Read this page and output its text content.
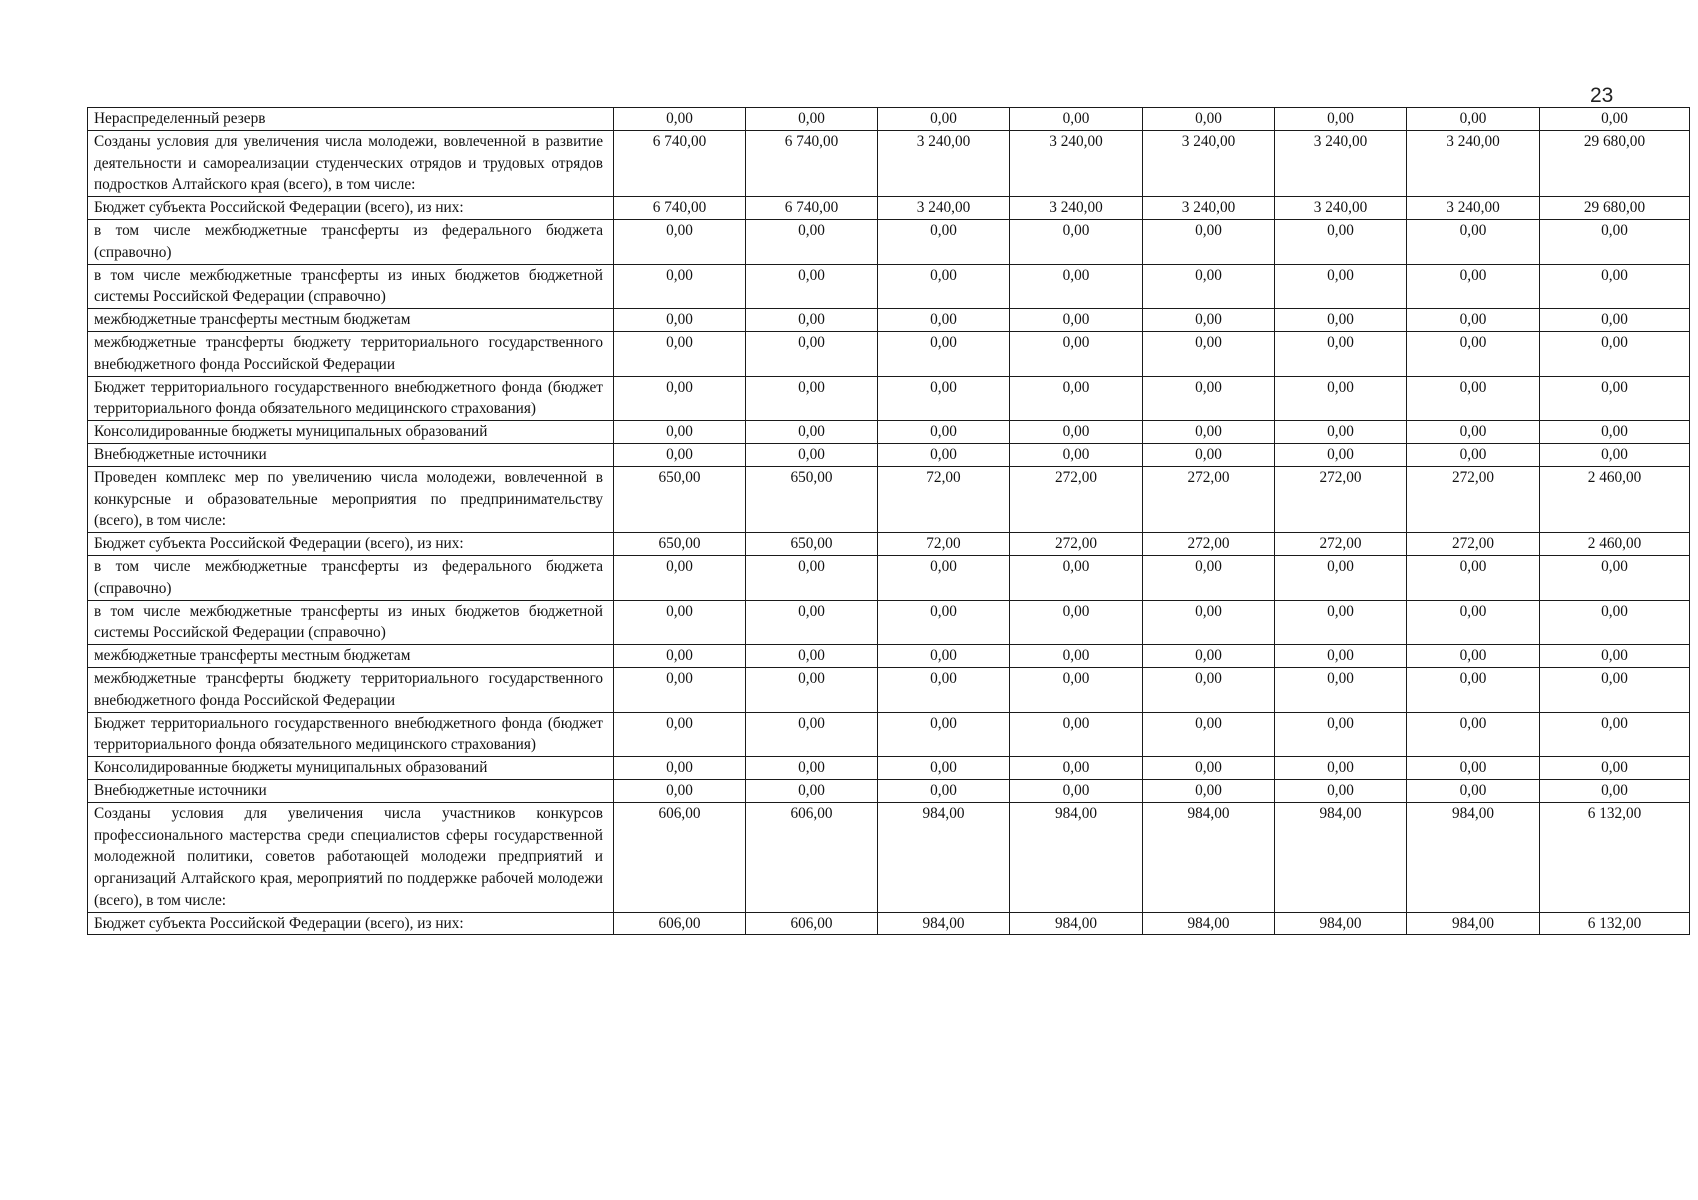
23
Нераспределенный резерв	0,00	0,00	0,00	0,00	0,00	0,00	0,00	0,00
Созданы условия для увеличения числа молодежи, вовлеченной в развитие деятельности и самореализации студенческих отрядов и трудовых отрядов подростков Алтайского края (всего), в том числе:	6 740,00	6 740,00	3 240,00	3 240,00	3 240,00	3 240,00	3 240,00	29 680,00
Бюджет субъекта Российской Федерации (всего), из них:	6 740,00	6 740,00	3 240,00	3 240,00	3 240,00	3 240,00	3 240,00	29 680,00
в том числе межбюджетные трансферты из федерального бюджета (справочно)	0,00	0,00	0,00	0,00	0,00	0,00	0,00	0,00
в том числе межбюджетные трансферты из иных бюджетов бюджетной системы Российской Федерации (справочно)	0,00	0,00	0,00	0,00	0,00	0,00	0,00	0,00
межбюджетные трансферты местным бюджетам	0,00	0,00	0,00	0,00	0,00	0,00	0,00	0,00
межбюджетные трансферты бюджету территориального государственного внебюджетного фонда Российской Федерации	0,00	0,00	0,00	0,00	0,00	0,00	0,00	0,00
Бюджет территориального государственного внебюджетного фонда (бюджет территориального фонда обязательного медицинского страхования)	0,00	0,00	0,00	0,00	0,00	0,00	0,00	0,00
Консолидированные бюджеты муниципальных образований	0,00	0,00	0,00	0,00	0,00	0,00	0,00	0,00
Внебюджетные источники	0,00	0,00	0,00	0,00	0,00	0,00	0,00	0,00
Проведен комплекс мер по увеличению числа молодежи, вовлеченной в конкурсные и образовательные мероприятия по предпринимательству (всего), в том числе:	650,00	650,00	72,00	272,00	272,00	272,00	272,00	2 460,00
Бюджет субъекта Российской Федерации (всего), из них:	650,00	650,00	72,00	272,00	272,00	272,00	272,00	2 460,00
в том числе межбюджетные трансферты из федерального бюджета (справочно)	0,00	0,00	0,00	0,00	0,00	0,00	0,00	0,00
в том числе межбюджетные трансферты из иных бюджетов бюджетной системы Российской Федерации (справочно)	0,00	0,00	0,00	0,00	0,00	0,00	0,00	0,00
межбюджетные трансферты местным бюджетам	0,00	0,00	0,00	0,00	0,00	0,00	0,00	0,00
межбюджетные трансферты бюджету территориального государственного внебюджетного фонда Российской Федерации	0,00	0,00	0,00	0,00	0,00	0,00	0,00	0,00
Бюджет территориального государственного внебюджетного фонда (бюджет территориального фонда обязательного медицинского страхования)	0,00	0,00	0,00	0,00	0,00	0,00	0,00	0,00
Консолидированные бюджеты муниципальных образований	0,00	0,00	0,00	0,00	0,00	0,00	0,00	0,00
Внебюджетные источники	0,00	0,00	0,00	0,00	0,00	0,00	0,00	0,00
Созданы условия для увеличения числа участников конкурсов профессионального мастерства среди специалистов сферы государственной молодежной политики, советов работающей молодежи предприятий и организаций Алтайского края, мероприятий по поддержке рабочей молодежи (всего), в том числе:	606,00	606,00	984,00	984,00	984,00	984,00	984,00	6 132,00
Бюджет субъекта Российской Федерации (всего), из них:	606,00	606,00	984,00	984,00	984,00	984,00	984,00	6 132,00
